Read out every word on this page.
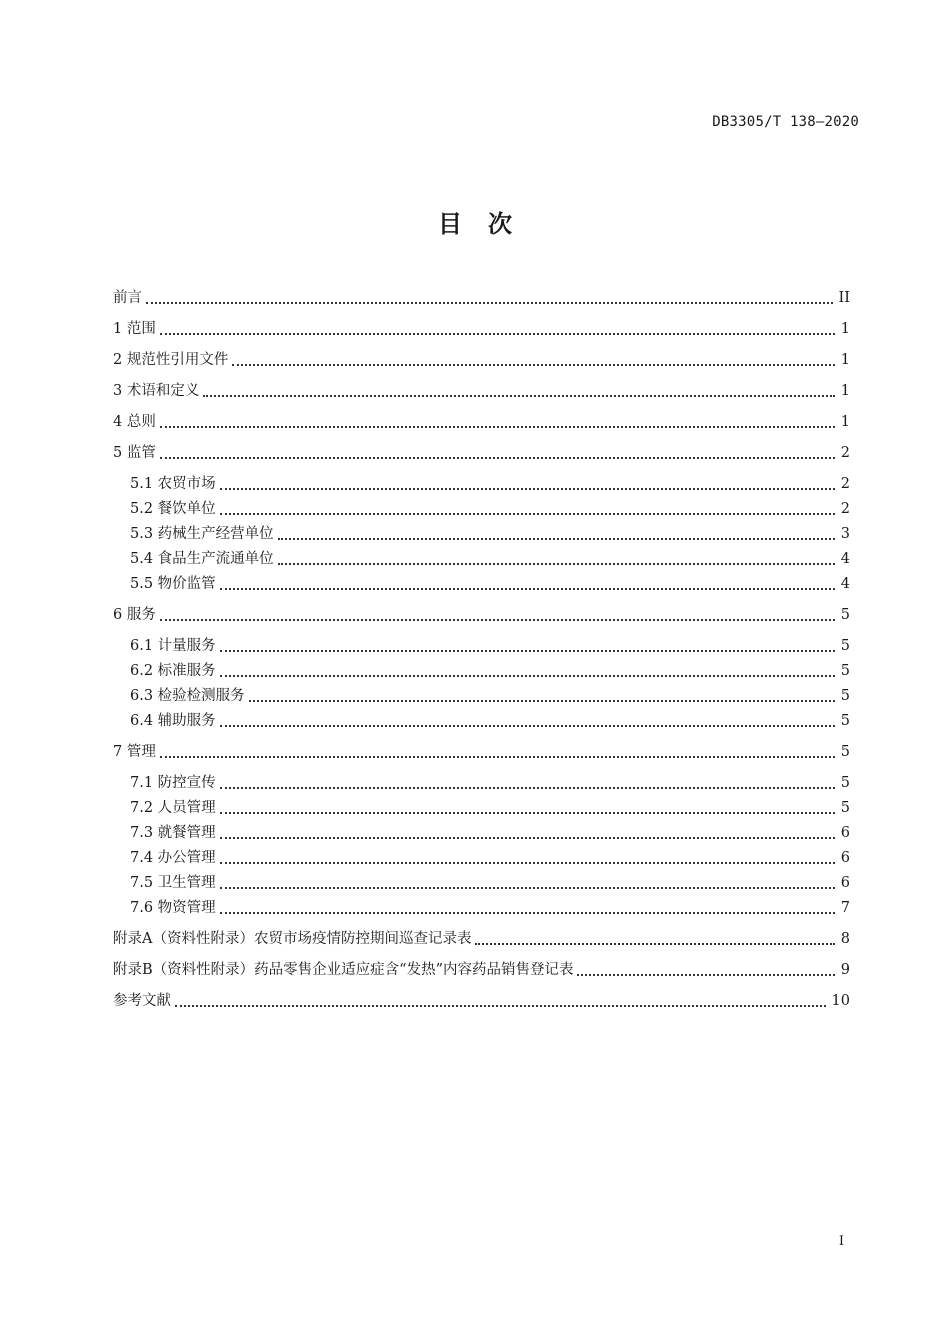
DB3305/T 138—2020
目次
前言	II
1 范围	1
2 规范性引用文件	1
3 术语和定义	1
4 总则	1
5 监管	2
5.1 农贸市场	2
5.2 餐饮单位	2
5.3 药械生产经营单位	3
5.4 食品生产流通单位	4
5.5 物价监管	4
6 服务	5
6.1 计量服务	5
6.2 标准服务	5
6.3 检验检测服务	5
6.4 辅助服务	5
7 管理	5
7.1 防控宣传	5
7.2 人员管理	5
7.3 就餐管理	6
7.4 办公管理	6
7.5 卫生管理	6
7.6 物资管理	7
附录A（资料性附录）农贸市场疫情防控期间巡查记录表	8
附录B（资料性附录）药品零售企业适应症含“发热”内容药品销售登记表	9
参考文献	10
I
